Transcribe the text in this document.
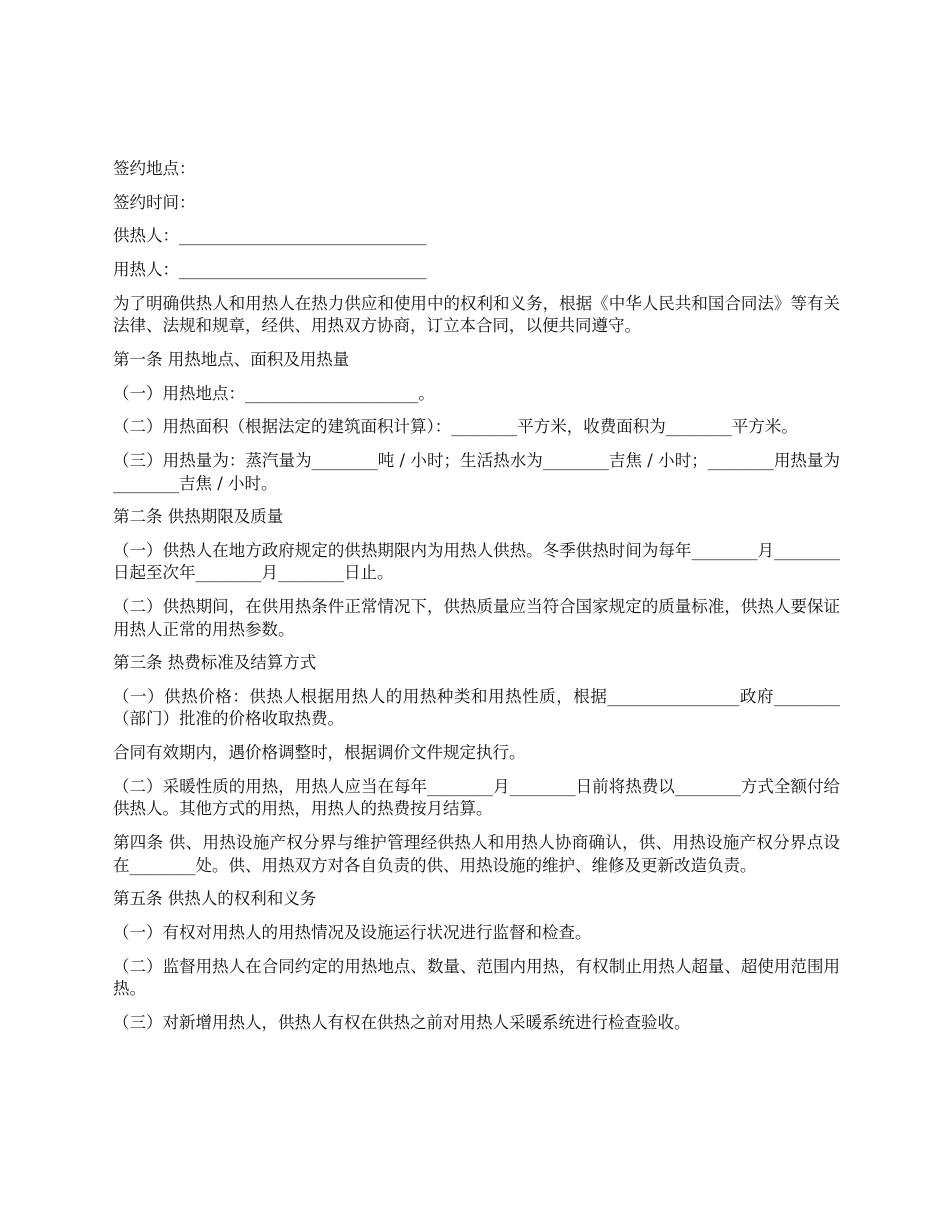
签约地点：

签约时间：

供热人：______________________________

用热人：______________________________

为了明确供热人和用热人在热力供应和使用中的权利和义务，根据《中华人民共和国合同法》等有关法律、法规和规章，经供、用热双方协商，订立本合同，以便共同遵守。

第一条 用热地点、面积及用热量

（一）用热地点：_____________________。

（二）用热面积（根据法定的建筑面积计算）：________平方米，收费面积为________平方米。

（三）用热量为：蒸汽量为________吨 / 小时；生活热水为________吉焦 / 小时；________用热量为________吉焦 / 小时。

第二条 供热期限及质量

（一）供热人在地方政府规定的供热期限内为用热人供热。冬季供热时间为每年________月________日起至次年________月________日止。

（二）供热期间，在供用热条件正常情况下，供热质量应当符合国家规定的质量标准，供热人要保证用热人正常的用热参数。

第三条 热费标准及结算方式

（一）供热价格：供热人根据用热人的用热种类和用热性质，根据________________政府________（部门）批准的价格收取热费。

合同有效期内，遇价格调整时，根据调价文件规定执行。

（二）采暖性质的用热，用热人应当在每年________月________日前将热费以________方式全额付给供热人。其他方式的用热，用热人的热费按月结算。

第四条 供、用热设施产权分界与维护管理经供热人和用热人协商确认，供、用热设施产权分界点设在________处。供、用热双方对各自负责的供、用热设施的维护、维修及更新改造负责。

第五条 供热人的权利和义务

（一）有权对用热人的用热情况及设施运行状况进行监督和检查。

（二）监督用热人在合同约定的用热地点、数量、范围内用热，有权制止用热人超量、超使用范围用热。

（三）对新增用热人，供热人有权在供热之前对用热人采暖系统进行检查验收。
